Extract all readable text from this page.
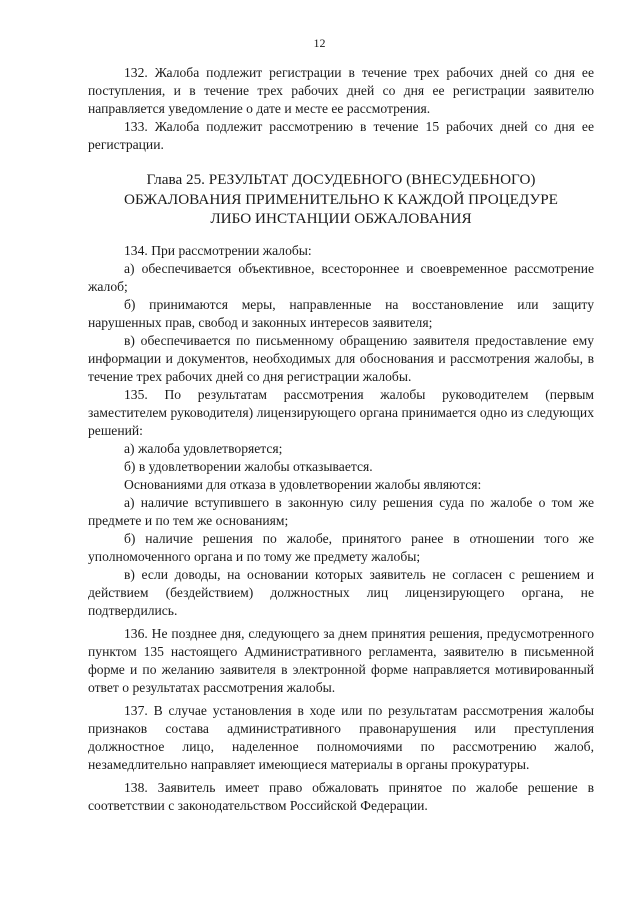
12

132. Жалоба подлежит регистрации в течение трех рабочих дней со дня ее поступления, и в течение трех рабочих дней со дня ее регистрации заявителю направляется уведомление о дате и месте ее рассмотрения.

133. Жалоба подлежит рассмотрению в течение 15 рабочих дней со дня ее регистрации.

Глава 25. РЕЗУЛЬТАТ ДОСУДЕБНОГО (ВНЕСУДЕБНОГО) ОБЖАЛОВАНИЯ ПРИМЕНИТЕЛЬНО К КАЖДОЙ ПРОЦЕДУРЕ ЛИБО ИНСТАНЦИИ ОБЖАЛОВАНИЯ

134. При рассмотрении жалобы:

а) обеспечивается объективное, всестороннее и своевременное рассмотрение жалоб;

б) принимаются меры, направленные на восстановление или защиту нарушенных прав, свобод и законных интересов заявителя;

в) обеспечивается по письменному обращению заявителя предоставление ему информации и документов, необходимых для обоснования и рассмотрения жалобы, в течение трех рабочих дней со дня регистрации жалобы.

135. По результатам рассмотрения жалобы руководителем (первым заместителем руководителя) лицензирующего органа принимается одно из следующих решений:

а) жалоба удовлетворяется;

б) в удовлетворении жалобы отказывается.

Основаниями для отказа в удовлетворении жалобы являются:

а) наличие вступившего в законную силу решения суда по жалобе о том же предмете и по тем же основаниям;

б) наличие решения по жалобе, принятого ранее в отношении того же уполномоченного органа и по тому же предмету жалобы;

в) если доводы, на основании которых заявитель не согласен с решением и действием (бездействием) должностных лиц лицензирующего органа, не подтвердились.

136. Не позднее дня, следующего за днем принятия решения, предусмотренного пунктом 135 настоящего Административного регламента, заявителю в письменной форме и по желанию заявителя в электронной форме направляется мотивированный ответ о результатах рассмотрения жалобы.

137. В случае установления в ходе или по результатам рассмотрения жалобы признаков состава административного правонарушения или преступления должностное лицо, наделенное полномочиями по рассмотрению жалоб, незамедлительно направляет имеющиеся материалы в органы прокуратуры.

138. Заявитель имеет право обжаловать принятое по жалобе решение в соответствии с законодательством Российской Федерации.
